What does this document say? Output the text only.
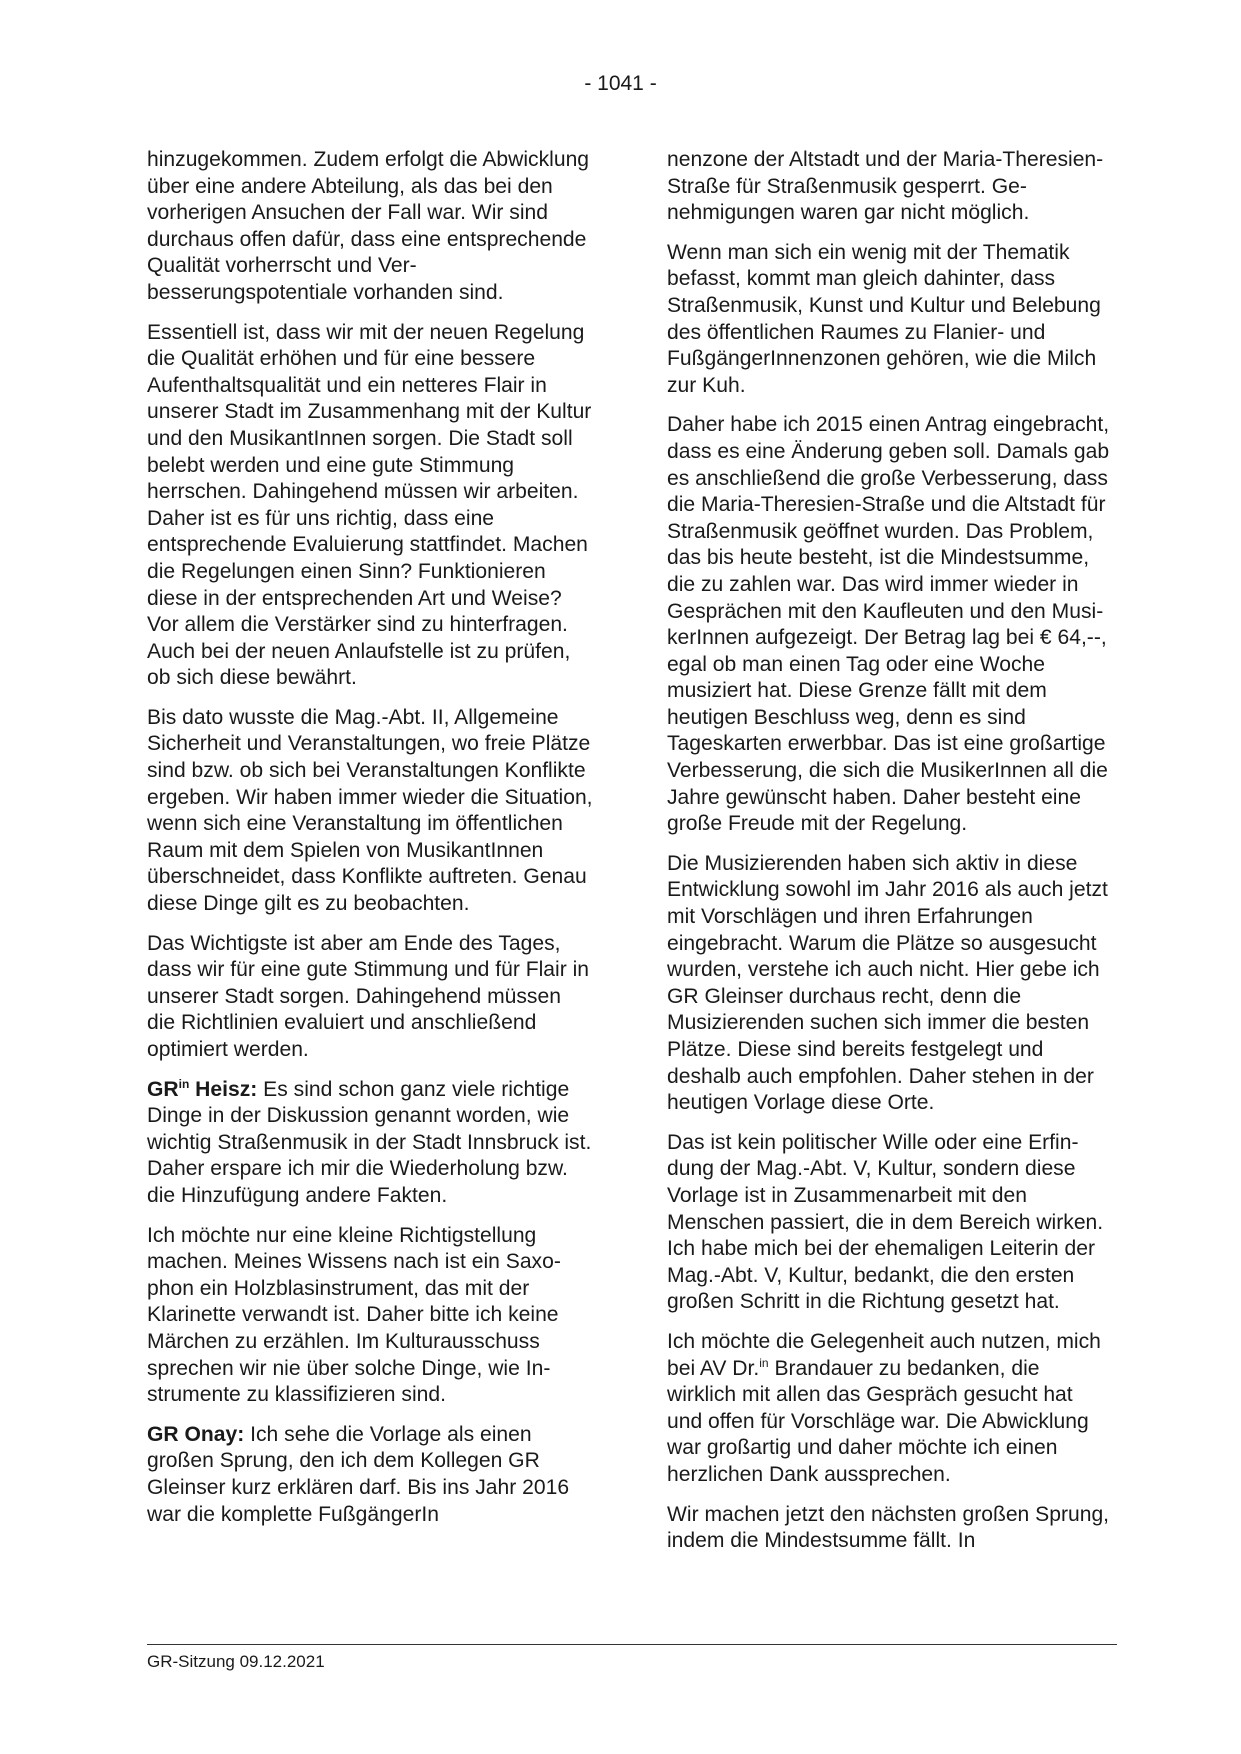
- 1041 -

hinzugekommen. Zudem erfolgt die Abwicklung über eine andere Abteilung, als das bei den vorherigen Ansuchen der Fall war. Wir sind durchaus offen dafür, dass eine entsprechende Qualität vorherrscht und Verbesserungspotentiale vorhanden sind.

Essentiell ist, dass wir mit der neuen Regelung die Qualität erhöhen und für eine bessere Aufenthaltsqualität und ein netteres Flair in unserer Stadt im Zusammenhang mit der Kultur und den MusikantInnen sorgen. Die Stadt soll belebt werden und eine gute Stimmung herrschen. Dahingehend müssen wir arbeiten. Daher ist es für uns richtig, dass eine entsprechende Evaluierung stattfindet. Machen die Regelungen einen Sinn? Funktionieren diese in der entsprechenden Art und Weise? Vor allem die Verstärker sind zu hinterfragen. Auch bei der neuen Anlaufstelle ist zu prüfen, ob sich diese bewährt.

Bis dato wusste die Mag.-Abt. II, Allgemeine Sicherheit und Veranstaltungen, wo freie Plätze sind bzw. ob sich bei Veranstaltungen Konflikte ergeben. Wir haben immer wieder die Situation, wenn sich eine Veranstaltung im öffentlichen Raum mit dem Spielen von MusikantInnen überschneidet, dass Konflikte auftreten. Genau diese Dinge gilt es zu beobachten.

Das Wichtigste ist aber am Ende des Tages, dass wir für eine gute Stimmung und für Flair in unserer Stadt sorgen. Dahingehend müssen die Richtlinien evaluiert und anschließend optimiert werden.

$GR^{in}$ Heisz: Es sind schon ganz viele richtige Dinge in der Diskussion genannt worden, wie wichtig Straßenmusik in der Stadt Innsbruck ist. Daher erspare ich mir die Wiederholung bzw. die Hinzufügung andere Fakten.

Ich möchte nur eine kleine Richtigstellung machen. Meines Wissens nach ist ein Saxophon ein Holzblasinstrument, das mit der Klarinette verwandt ist. Daher bitte ich keine Märchen zu erzählen. Im Kulturausschuss sprechen wir nie über solche Dinge, wie Instrumente zu klassifizieren sind.

GR Onay: Ich sehe die Vorlage als einen großen Sprung, den ich dem Kollegen GR Gleinser kurz erklären darf. Bis ins Jahr 2016 war die komplette FußgängerIn

nenzone der Altstadt und der Maria-Theresien-Straße für Straßenmusik gesperrt. Genehmigungen waren gar nicht möglich.

Wenn man sich ein wenig mit der Thematik befasst, kommt man gleich dahinter, dass Straßenmusik, Kunst und Kultur und Belebung des öffentlichen Raumes zu Flanier- und FußgängerInnenzonen gehören, wie die Milch zur Kuh.

Daher habe ich 2015 einen Antrag eingebracht, dass es eine Änderung geben soll. Damals gab es anschließend die große Verbesserung, dass die Maria-Theresien-Straße und die Altstadt für Straßenmusik geöffnet wurden. Das Problem, das bis heute besteht, ist die Mindestsumme, die zu zahlen war. Das wird immer wieder in Gesprächen mit den Kaufleuten und den MusikerInnen aufgezeigt. Der Betrag lag bei € 64,--, egal ob man einen Tag oder eine Woche musiziert hat. Diese Grenze fällt mit dem heutigen Beschluss weg, denn es sind Tageskarten erwerbbar. Das ist eine großartige Verbesserung, die sich die MusikerInnen all die Jahre gewünscht haben. Daher besteht eine große Freude mit der Regelung.

Die Musizierenden haben sich aktiv in diese Entwicklung sowohl im Jahr 2016 als auch jetzt mit Vorschlägen und ihren Erfahrungen eingebracht. Warum die Plätze so ausgesucht wurden, verstehe ich auch nicht. Hier gebe ich GR Gleinser durchaus recht, denn die Musizierenden suchen sich immer die besten Plätze. Diese sind bereits festgelegt und deshalb auch empfohlen. Daher stehen in der heutigen Vorlage diese Orte.

Das ist kein politischer Wille oder eine Erfindung der Mag.-Abt. V, Kultur, sondern diese Vorlage ist in Zusammenarbeit mit den Menschen passiert, die in dem Bereich wirken. Ich habe mich bei der ehemaligen Leiterin der Mag.-Abt. V, Kultur, bedankt, die den ersten großen Schritt in die Richtung gesetzt hat.

Ich möchte die Gelegenheit auch nutzen, mich bei AV Dr.$^{in}$ Brandauer zu bedanken, die wirklich mit allen das Gespräch gesucht hat und offen für Vorschläge war. Die Abwicklung war großartig und daher möchte ich einen herzlichen Dank aussprechen.

Wir machen jetzt den nächsten großen Sprung, indem die Mindestsumme fällt. In

GR-Sitzung 09.12.2021
